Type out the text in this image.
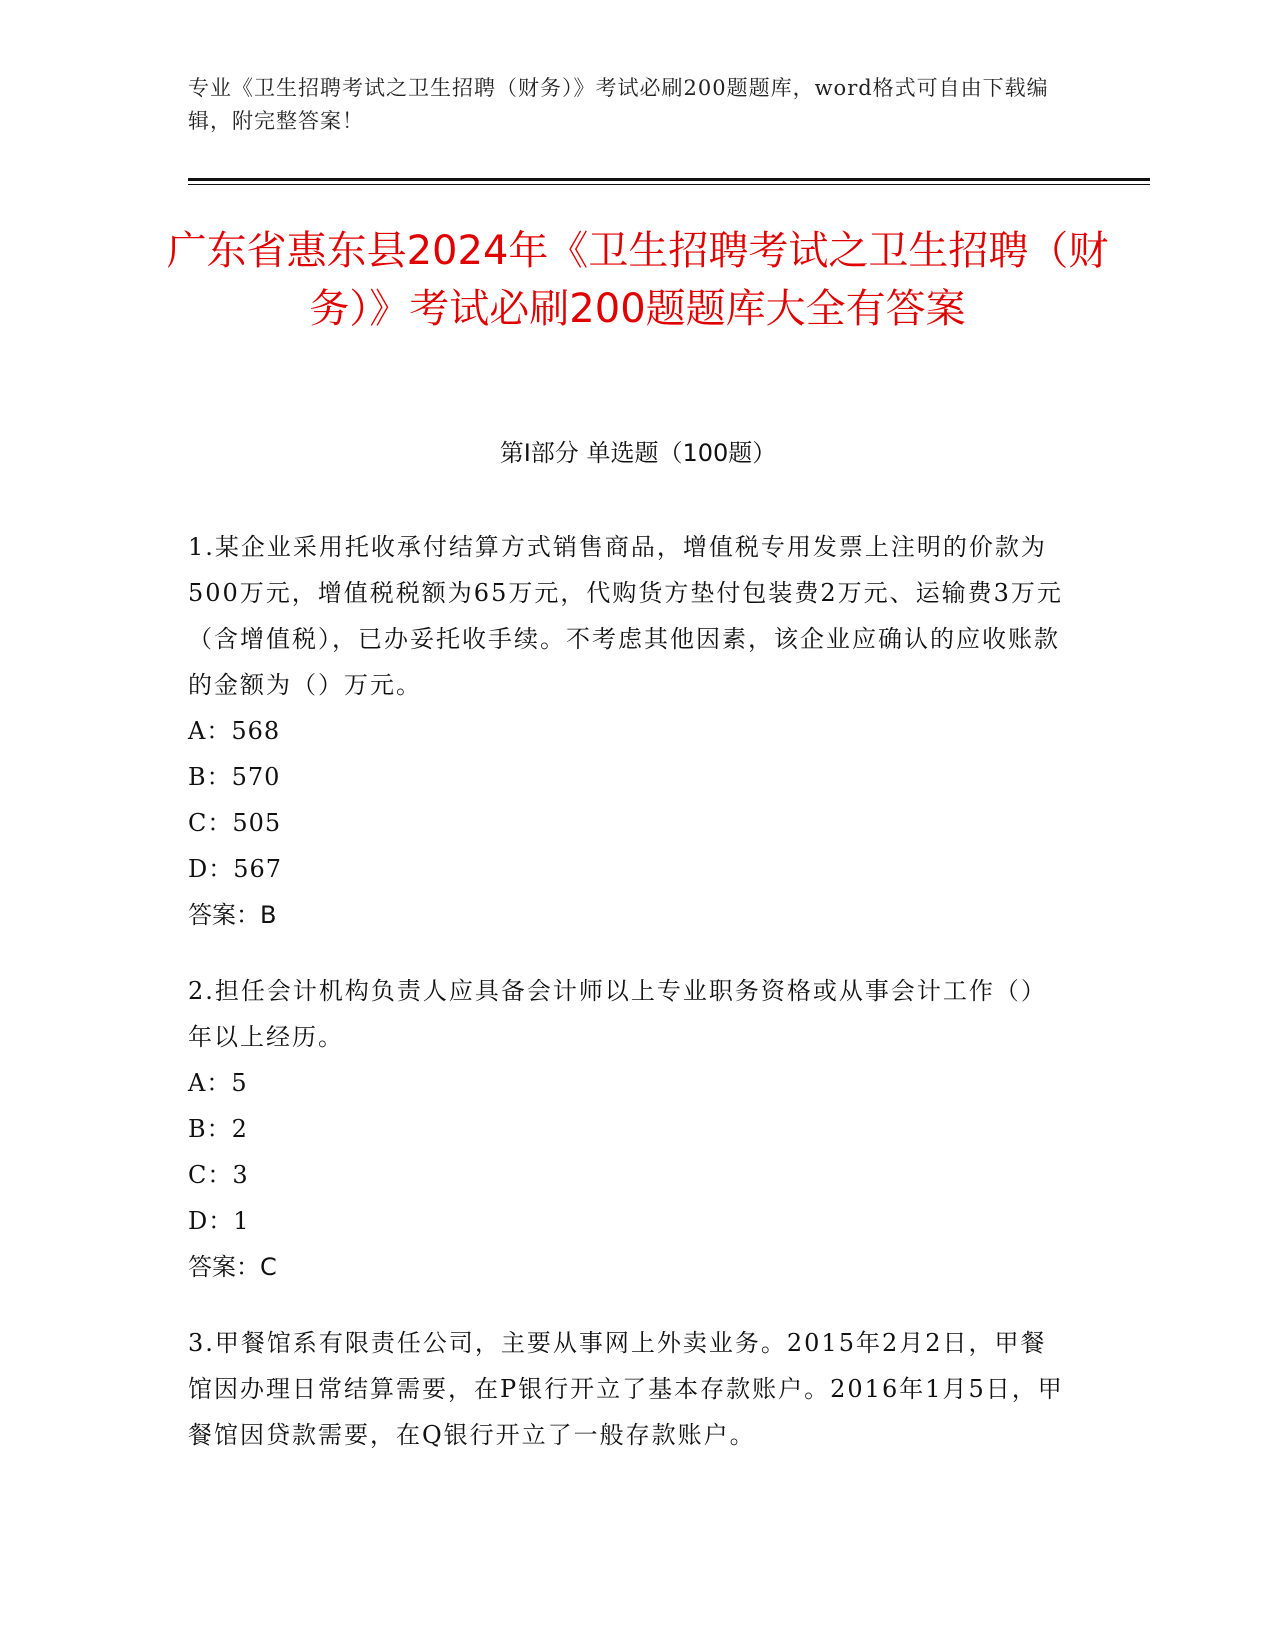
专业《卫生招聘考试之卫生招聘（财务）》考试必刷200题题库，word格式可自由下载编辑，附完整答案！
广东省惠东县2024年《卫生招聘考试之卫生招聘（财务）》考试必刷200题题库大全有答案
第Ⅰ部分 单选题（100题）

1.某企业采用托收承付结算方式销售商品，增值税专用发票上注明的价款为500万元，增值税税额为65万元，代购货方垫付包装费2万元、运输费3万元（含增值税），已办妥托收手续。不考虑其他因素，该企业应确认的应收账款的金额为（）万元。

A：568
B：570
C：505
D：567
答案：B

2.担任会计机构负责人应具备会计师以上专业职务资格或从事会计工作（）年以上经历。

A：5
B：2
C：3
D：1
答案：C

3.甲餐馆系有限责任公司，主要从事网上外卖业务。2015年2月2日，甲餐馆因办理日常结算需要，在P银行开立了基本存款账户。2016年1月5日，甲餐馆因贷款需要，在Q银行开立了一般存款账户。
